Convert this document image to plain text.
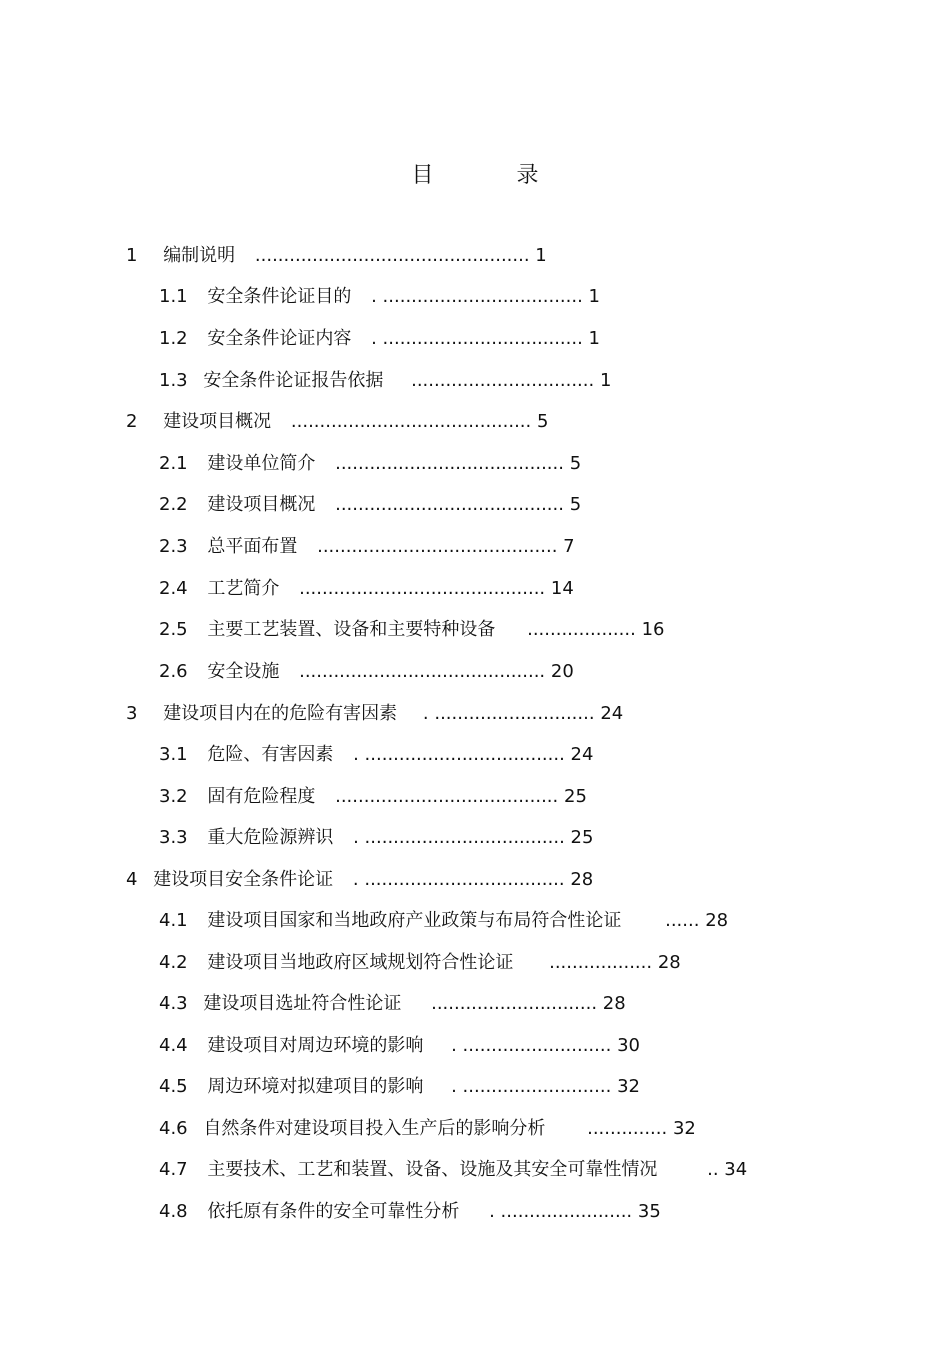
目 录
1 编制说明 ................................................ 1
1.1 安全条件论证目的 . ................................... 1
1.2 安全条件论证内容 . ................................... 1
1.3 安全条件论证报告依据 ................................ 1
2 建设项目概况 .......................................... 5
2.1 建设单位简介 ........................................ 5
2.2 建设项目概况 ........................................ 5
2.3 总平面布置 .......................................... 7
2.4 工艺简介 ........................................... 14
2.5 主要工艺装置、设备和主要特种设备 ................... 16
2.6 安全设施 ........................................... 20
3 建设项目内在的危险有害因素 . ............................ 24
3.1 危险、有害因素 . ................................... 24
3.2 固有危险程度 ....................................... 25
3.3 重大危险源辨识 . ................................... 25
4 建设项目安全条件论证 . ................................... 28
4.1 建设项目国家和当地政府产业政策与布局符合性论证 ...... 28
4.2 建设项目当地政府区域规划符合性论证 .................. 28
4.3 建设项目选址符合性论证 ............................. 28
4.4 建设项目对周边环境的影响 . .......................... 30
4.5 周边环境对拟建项目的影响 . .......................... 32
4.6 自然条件对建设项目投入生产后的影响分析 .............. 32
4.7 主要技术、工艺和装置、设备、设施及其安全可靠性情况	.. 34
4.8 依托原有条件的安全可靠性分析 . ....................... 35
